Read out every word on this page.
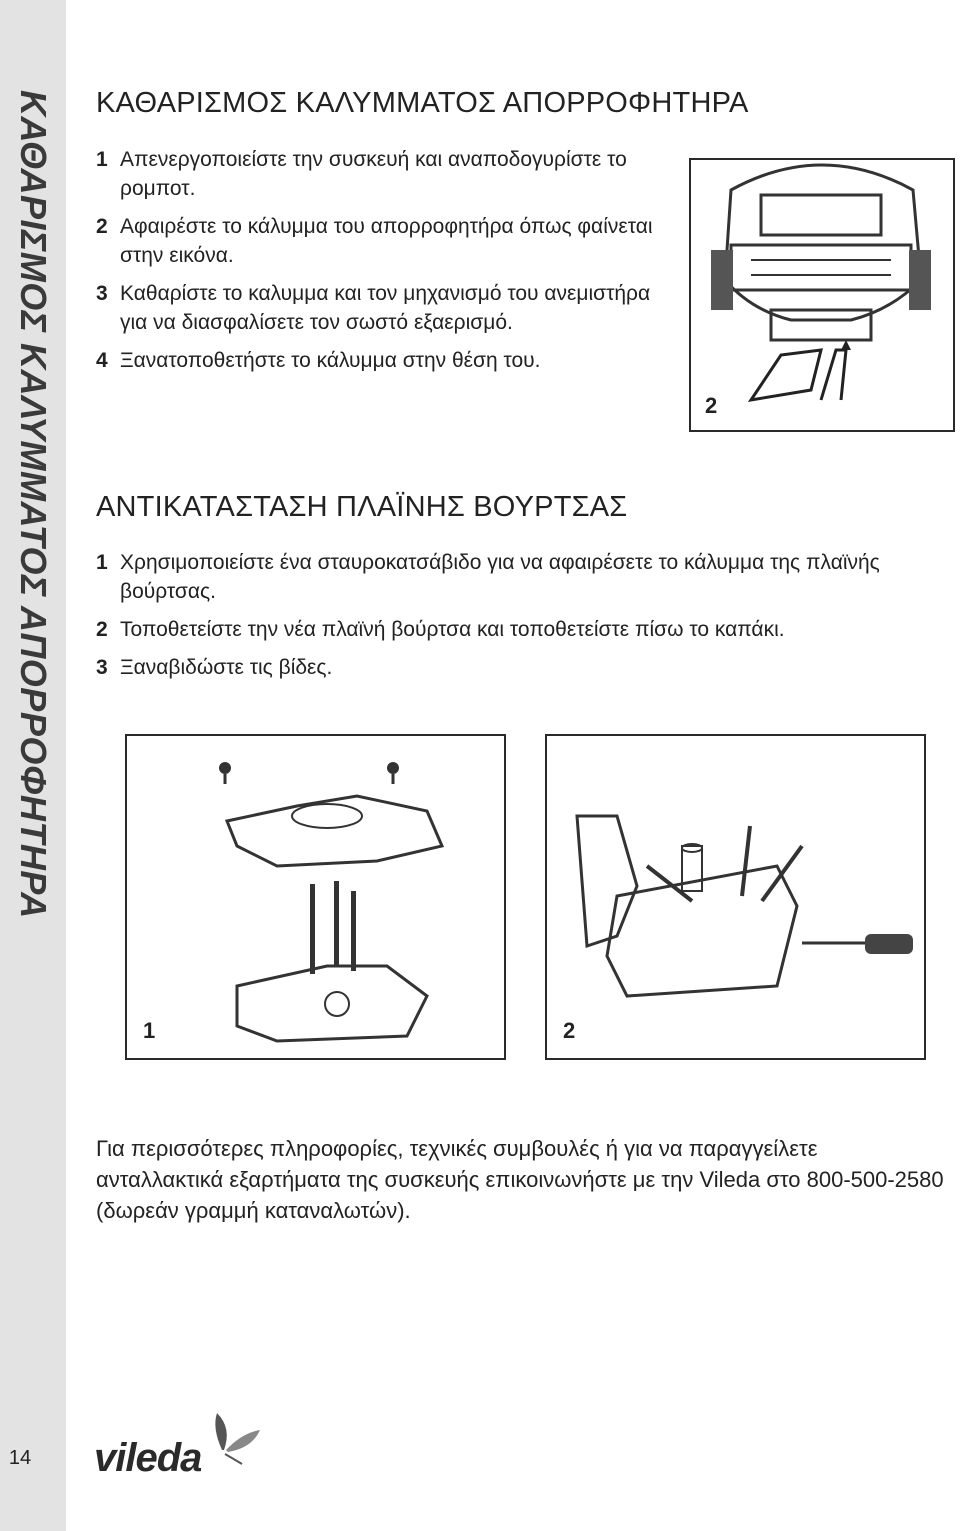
ΚΑΘΑΡΙΣΜΟΣ ΚΑΛΥΜΜΑΤΟΣ ΑΠΟΡΡΟΦΗΤΗΡΑ
14
ΚΑΘΑΡΙΣΜΟΣ ΚΑΛΥΜΜΑΤΟΣ ΑΠΟΡΡΟΦΗΤΗΡΑ
1 Απενεργοποιείστε την συσκευή και αναποδογυρίστε το ρομποτ.
2 Αφαιρέστε το κάλυμμα του απορροφητήρα όπως φαίνεται στην εικόνα.
3 Καθαρίστε το καλυμμα και τον μηχανισμό του ανεμιστήρα για να διασφαλίσετε τον σωστό εξαερισμό.
4 Ξανατοποθετήστε το κάλυμμα στην θέση του.
2
ΑΝΤΙΚΑΤΑΣΤΑΣΗ ΠΛΑΪΝΗΣ ΒΟΥΡΤΣΑΣ
1 Χρησιμοποιείστε ένα σταυροκατσάβιδο για να αφαιρέσετε το κάλυμμα της πλαϊνής βούρτσας.
2 Τοποθετείστε την νέα πλαϊνή βούρτσα και τοποθετείστε πίσω το καπάκι.
3 Ξαναβιδώστε τις βίδες.
1	2

Για περισσότερες πληροφορίες, τεχνικές συμβουλές ή για να παραγγείλετε ανταλλακτικά εξαρτήματα της συσκευής επικοινωνήστε με την Vileda στο 800-500-2580 (δωρεάν γραμμή καταναλωτών).

vileda
